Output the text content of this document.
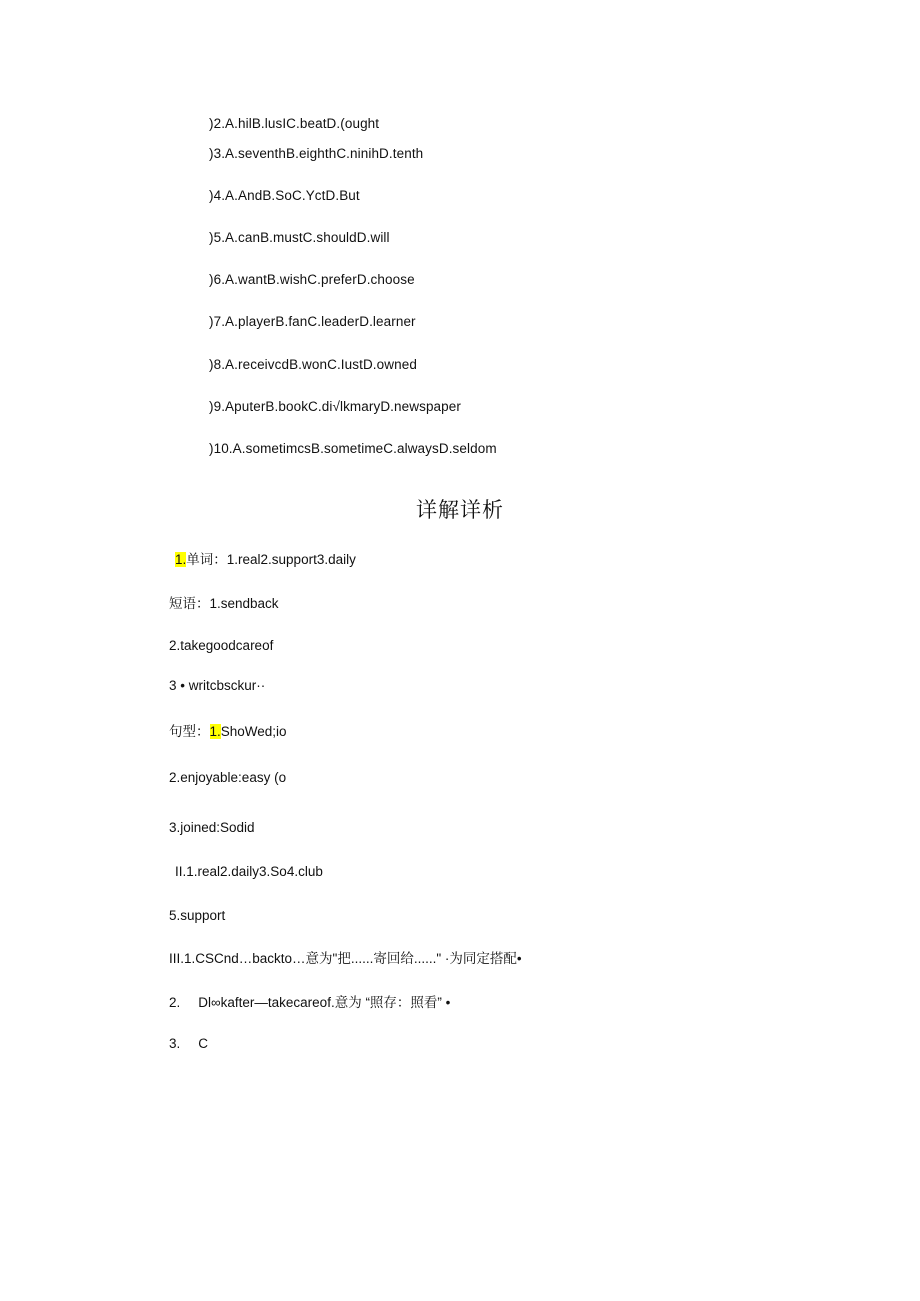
)2.A.hilB.lusIC.beatD.(ought
)3.A.seventhB.eighthC.ninihD.tenth
)4.A.AndB.SoC.YctD.But
)5.A.canB.mustC.shouldD.will
)6.A.wantB.wishC.preferD.choose
)7.A.playerB.fanC.leaderD.learner
)8.A.receivcdB.wonC.IustD.owned
)9.AputerB.bookC.di√lkmaryD.newspaper
)10.A.sometimcsB.sometimeC.alwaysD.seldom
详解详析
1.单词：1.real2.support3.daily
短语：1.sendback
2.takegoodcareof
3 • writcbsckur··
句型：1.ShoWed;io
2.enjoyable:easy (o
3.joined:Sodid
II.1.real2.daily3.So4.club
5.support
III.1.CSCnd…backto…意为"把......寄回给......" ·为同定搭配•
2. Dl∞kafter—takecareof.意为 “照存：照看” •
3. C
